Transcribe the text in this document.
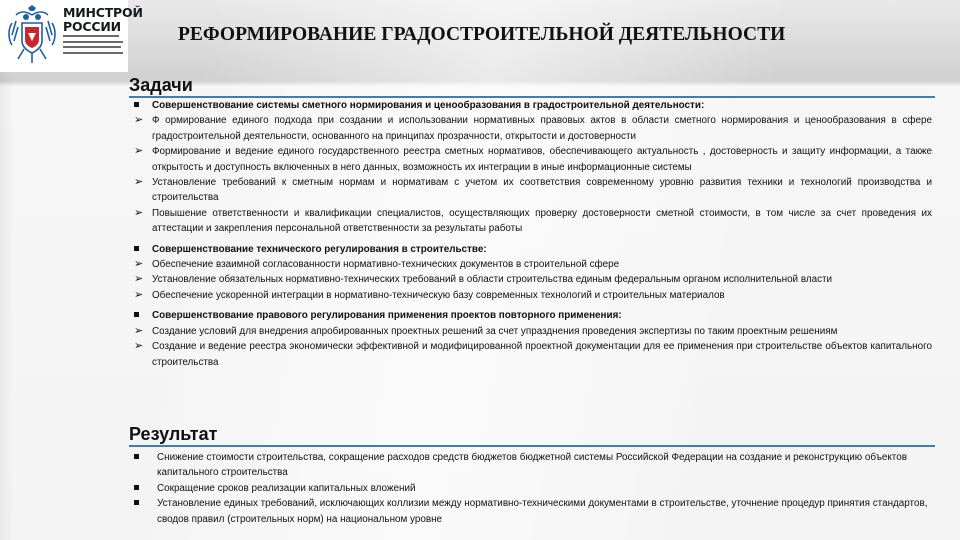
МИНСТРОЙ РОССИИ	РЕФОРМИРОВАНИЕ ГРАДОСТРОИТЕЛЬНОЙ ДЕЯТЕЛЬНОСТИ
Задачи
Совершенствование системы сметного нормирования и ценообразования в градостроительной деятельности:
➢ Ф ормирование единого подхода при создании и использовании нормативных правовых актов в области сметного нормирования и ценообразования в сфере градостроительной деятельности, основанного на принципах прозрачности, открытости и достоверности
➢ Формирование и ведение единого государственного реестра сметных нормативов, обеспечивающего актуальность , достоверность и защиту информации, а также открытость и доступность включенных в него данных, возможность их интеграции в иные информационные системы
➢ Установление требований к сметным нормам и нормативам с учетом их соответствия современному уровню развития техники и технологий производства и строительства
➢ Повышение ответственности и квалификации специалистов, осуществляющих проверку достоверности сметной стоимости, в том числе за счет проведения их аттестации и закрепления персональной ответственности за результаты работы
Совершенствование технического регулирования в строительстве:
➢ Обеспечение взаимной согласованности нормативно-технических документов в строительной сфере
➢ Установление обязательных нормативно-технических требований в области строительства единым федеральным органом исполнительной власти
➢ Обеспечение ускоренной интеграции в нормативно-техническую базу современных технологий и строительных материалов
Совершенствование правового регулирования применения проектов повторного применения:
➢ Создание условий для внедрения апробированных проектных решений за счет упразднения проведения экспертизы по таким проектным решениям
➢ Создание и ведение реестра экономически эффективной и модифицированной проектной документации для ее применения при строительстве объектов капитального строительства
Результат
Снижение стоимости строительства, сокращение расходов средств бюджетов бюджетной системы Российской Федерации на создание и реконструкцию объектов капитального строительства
Сокращение сроков реализации капитальных вложений
Установление единых требований, исключающих коллизии между нормативно-техническими документами в строительстве, уточнение процедур принятия стандартов, сводов правил (строительных норм) на национальном уровне
